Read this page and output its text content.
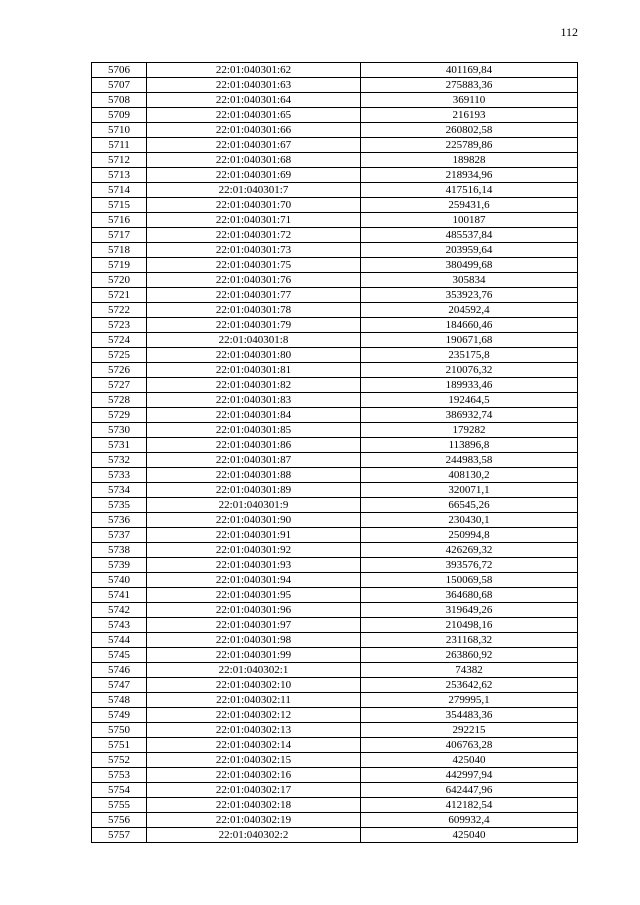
112
5706	22:01:040301:62	401169,84
5707	22:01:040301:63	275883,36
5708	22:01:040301:64	369110
5709	22:01:040301:65	216193
5710	22:01:040301:66	260802,58
5711	22:01:040301:67	225789,86
5712	22:01:040301:68	189828
5713	22:01:040301:69	218934,96
5714	22:01:040301:7	417516,14
5715	22:01:040301:70	259431,6
5716	22:01:040301:71	100187
5717	22:01:040301:72	485537,84
5718	22:01:040301:73	203959,64
5719	22:01:040301:75	380499,68
5720	22:01:040301:76	305834
5721	22:01:040301:77	353923,76
5722	22:01:040301:78	204592,4
5723	22:01:040301:79	184660,46
5724	22:01:040301:8	190671,68
5725	22:01:040301:80	235175,8
5726	22:01:040301:81	210076,32
5727	22:01:040301:82	189933,46
5728	22:01:040301:83	192464,5
5729	22:01:040301:84	386932,74
5730	22:01:040301:85	179282
5731	22:01:040301:86	113896,8
5732	22:01:040301:87	244983,58
5733	22:01:040301:88	408130,2
5734	22:01:040301:89	320071,1
5735	22:01:040301:9	66545,26
5736	22:01:040301:90	230430,1
5737	22:01:040301:91	250994,8
5738	22:01:040301:92	426269,32
5739	22:01:040301:93	393576,72
5740	22:01:040301:94	150069,58
5741	22:01:040301:95	364680,68
5742	22:01:040301:96	319649,26
5743	22:01:040301:97	210498,16
5744	22:01:040301:98	231168,32
5745	22:01:040301:99	263860,92
5746	22:01:040302:1	74382
5747	22:01:040302:10	253642,62
5748	22:01:040302:11	279995,1
5749	22:01:040302:12	354483,36
5750	22:01:040302:13	292215
5751	22:01:040302:14	406763,28
5752	22:01:040302:15	425040
5753	22:01:040302:16	442997,94
5754	22:01:040302:17	642447,96
5755	22:01:040302:18	412182,54
5756	22:01:040302:19	609932,4
5757	22:01:040302:2	425040
